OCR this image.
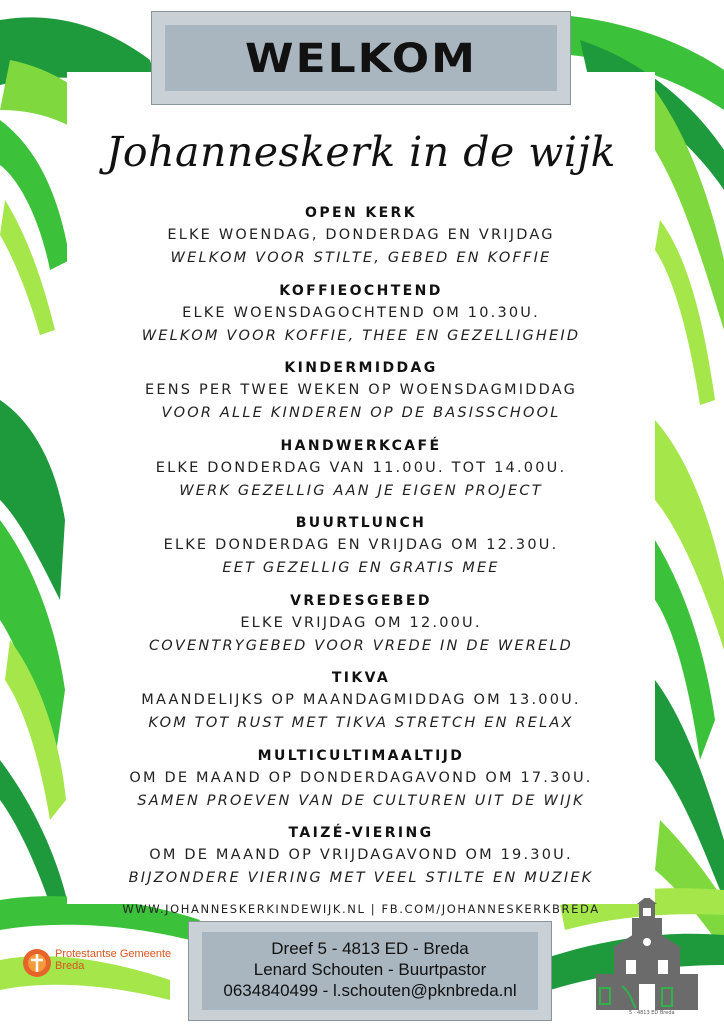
WELKOM
Johanneskerk in de wijk
OPEN KERK
ELKE WOENDAG, DONDERDAG EN VRIJDAG
WELKOM VOOR STILTE, GEBED EN KOFFIE
KOFFIEOCHTEND
ELKE WOENSDAGOCHTEND OM 10.30U.
WELKOM VOOR KOFFIE, THEE EN GEZELLIGHEID
KINDERMIDDAG
EENS PER TWEE WEKEN OP WOENSDAGMIDDAG
VOOR ALLE KINDEREN OP DE BASISSCHOOL
HANDWERKCAFÉ
ELKE DONDERDAG VAN 11.00U. TOT 14.00U.
WERK GEZELLIG AAN JE EIGEN PROJECT
BUURTLUNCH
ELKE DONDERDAG EN VRIJDAG OM 12.30U.
EET GEZELLIG EN GRATIS MEE
VREDESGEBED
ELKE VRIJDAG OM 12.00U.
COVENTRYGEBED VOOR VREDE IN DE WERELD
TIKVA
MAANDELIJKS OP MAANDAGMIDDAG OM 13.00U.
KOM TOT RUST MET TIKVA STRETCH EN RELAX
MULTICULTIMAALTIJD
OM DE MAAND OP DONDERDAGAVOND OM 17.30U.
SAMEN PROEVEN VAN DE CULTUREN UIT DE WIJK
TAIZÉ-VIERING
OM DE MAAND OP VRIJDAGAVOND OM 19.30U.
BIJZONDERE VIERING MET VEEL STILTE EN MUZIEK
WWW.JOHANNESKERKINDEWIJK.NL | FB.COM/JOHANNESKERKBREDA
Protestantse Gemeente
Breda
Dreef 5 - 4813 ED - Breda
Lenard Schouten - Buurtpastor
0634840499 - l.schouten@pknbreda.nl
5 · 4813 ED Breda
